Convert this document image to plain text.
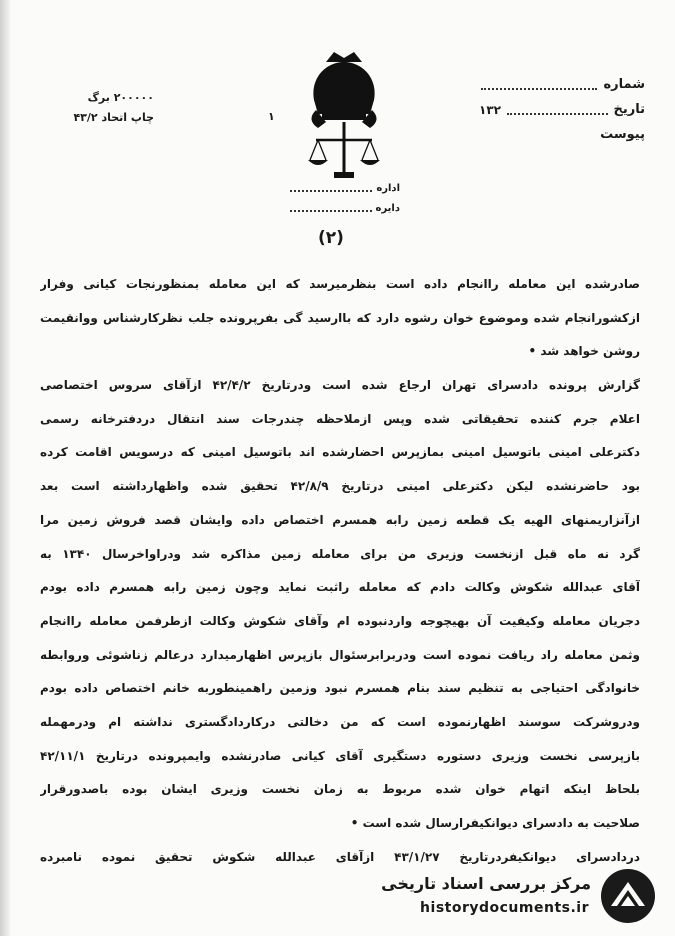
شماره
تاریخ
۱۳۲
پیوست
۲۰۰۰۰۰ برگ
چاپ اتحاد ۴۳/۲	۱
اداره
دایره
(۲)
صادرشده این معامله راانجام داده است بنظرمیرسد که این معامله بمنظورنجات کیانی وفرار
ازکشورانجام شده وموضوع خوان رشوه دارد که باارسید گی بفرپرونده جلب نظرکارشناس ووانقیمت
روشن خواهد شد •
گزارش پرونده دادسرای تهران ارجاع شده است ودرتاریخ ۴۲/۴/۲ ازآقای سروس اختصاصی
اعلام جرم کننده تحقیقاتی شده وپس ازملاحظه چندرجات سند انتقال دردفترخانه رسمی
دکترعلی امینی باتوسیل امینی بمازپرس احضارشده اند باتوسیل امینی که درسویس اقامت کرده
بود حاضرنشده لیکن دکترعلی امینی درتاریخ ۴۲/۸/۹ تحقیق شده واظهارداشته است بعد
ازآنزاریمنهای الهیه یک قطعه زمین رابه همسرم اختصاص داده وایشان قصد فروش زمین مرا
گرد نه ماه قبل ازنخست وزیری من برای معامله زمین مذاکره شد ودراواخرسال ۱۳۴۰ به
آقای عبدالله شکوش وکالت دادم که معامله راثبت نماید وچون زمین رابه همسرم داده بودم
دجریان معامله وکیفیت آن بهیچوجه واردنبوده ام وآقای شکوش وکالت ازطرفمن معامله راانجام
وثمن معامله راد ریافت نموده است ودربرابرسئوال بازپرس اظهارمیدارد درعالم زناشوئی وروابطه
خانوادگی احتیاجی به تنظیم سند بنام همسرم نبود وزمین راهمینطوربه خانم اختصاص داده بودم
ودروشرکت سوسند اظهارنموده است که من دخالتی درکاردادگستری نداشته ام ودرمهمله
بازپرسی نخست وزیری دستوره دستگیری آقای کیانی صادرنشده وایمپرونده درتاریخ ۴۲/۱۱/۱
بلحاظ اینکه اتهام خوان شده مربوط به زمان نخست وزیری ایشان بوده باصدورقرار
صلاحیت به دادسرای دیوانکیفرارسال شده است •
دردادسرای دیوانکیفردرتاریخ ۴۳/۱/۲۷ ازآقای عبدالله شکوش تحقیق نموده نامبرده
مرکز بررسی اسناد تاریخی
historydocuments.ir
